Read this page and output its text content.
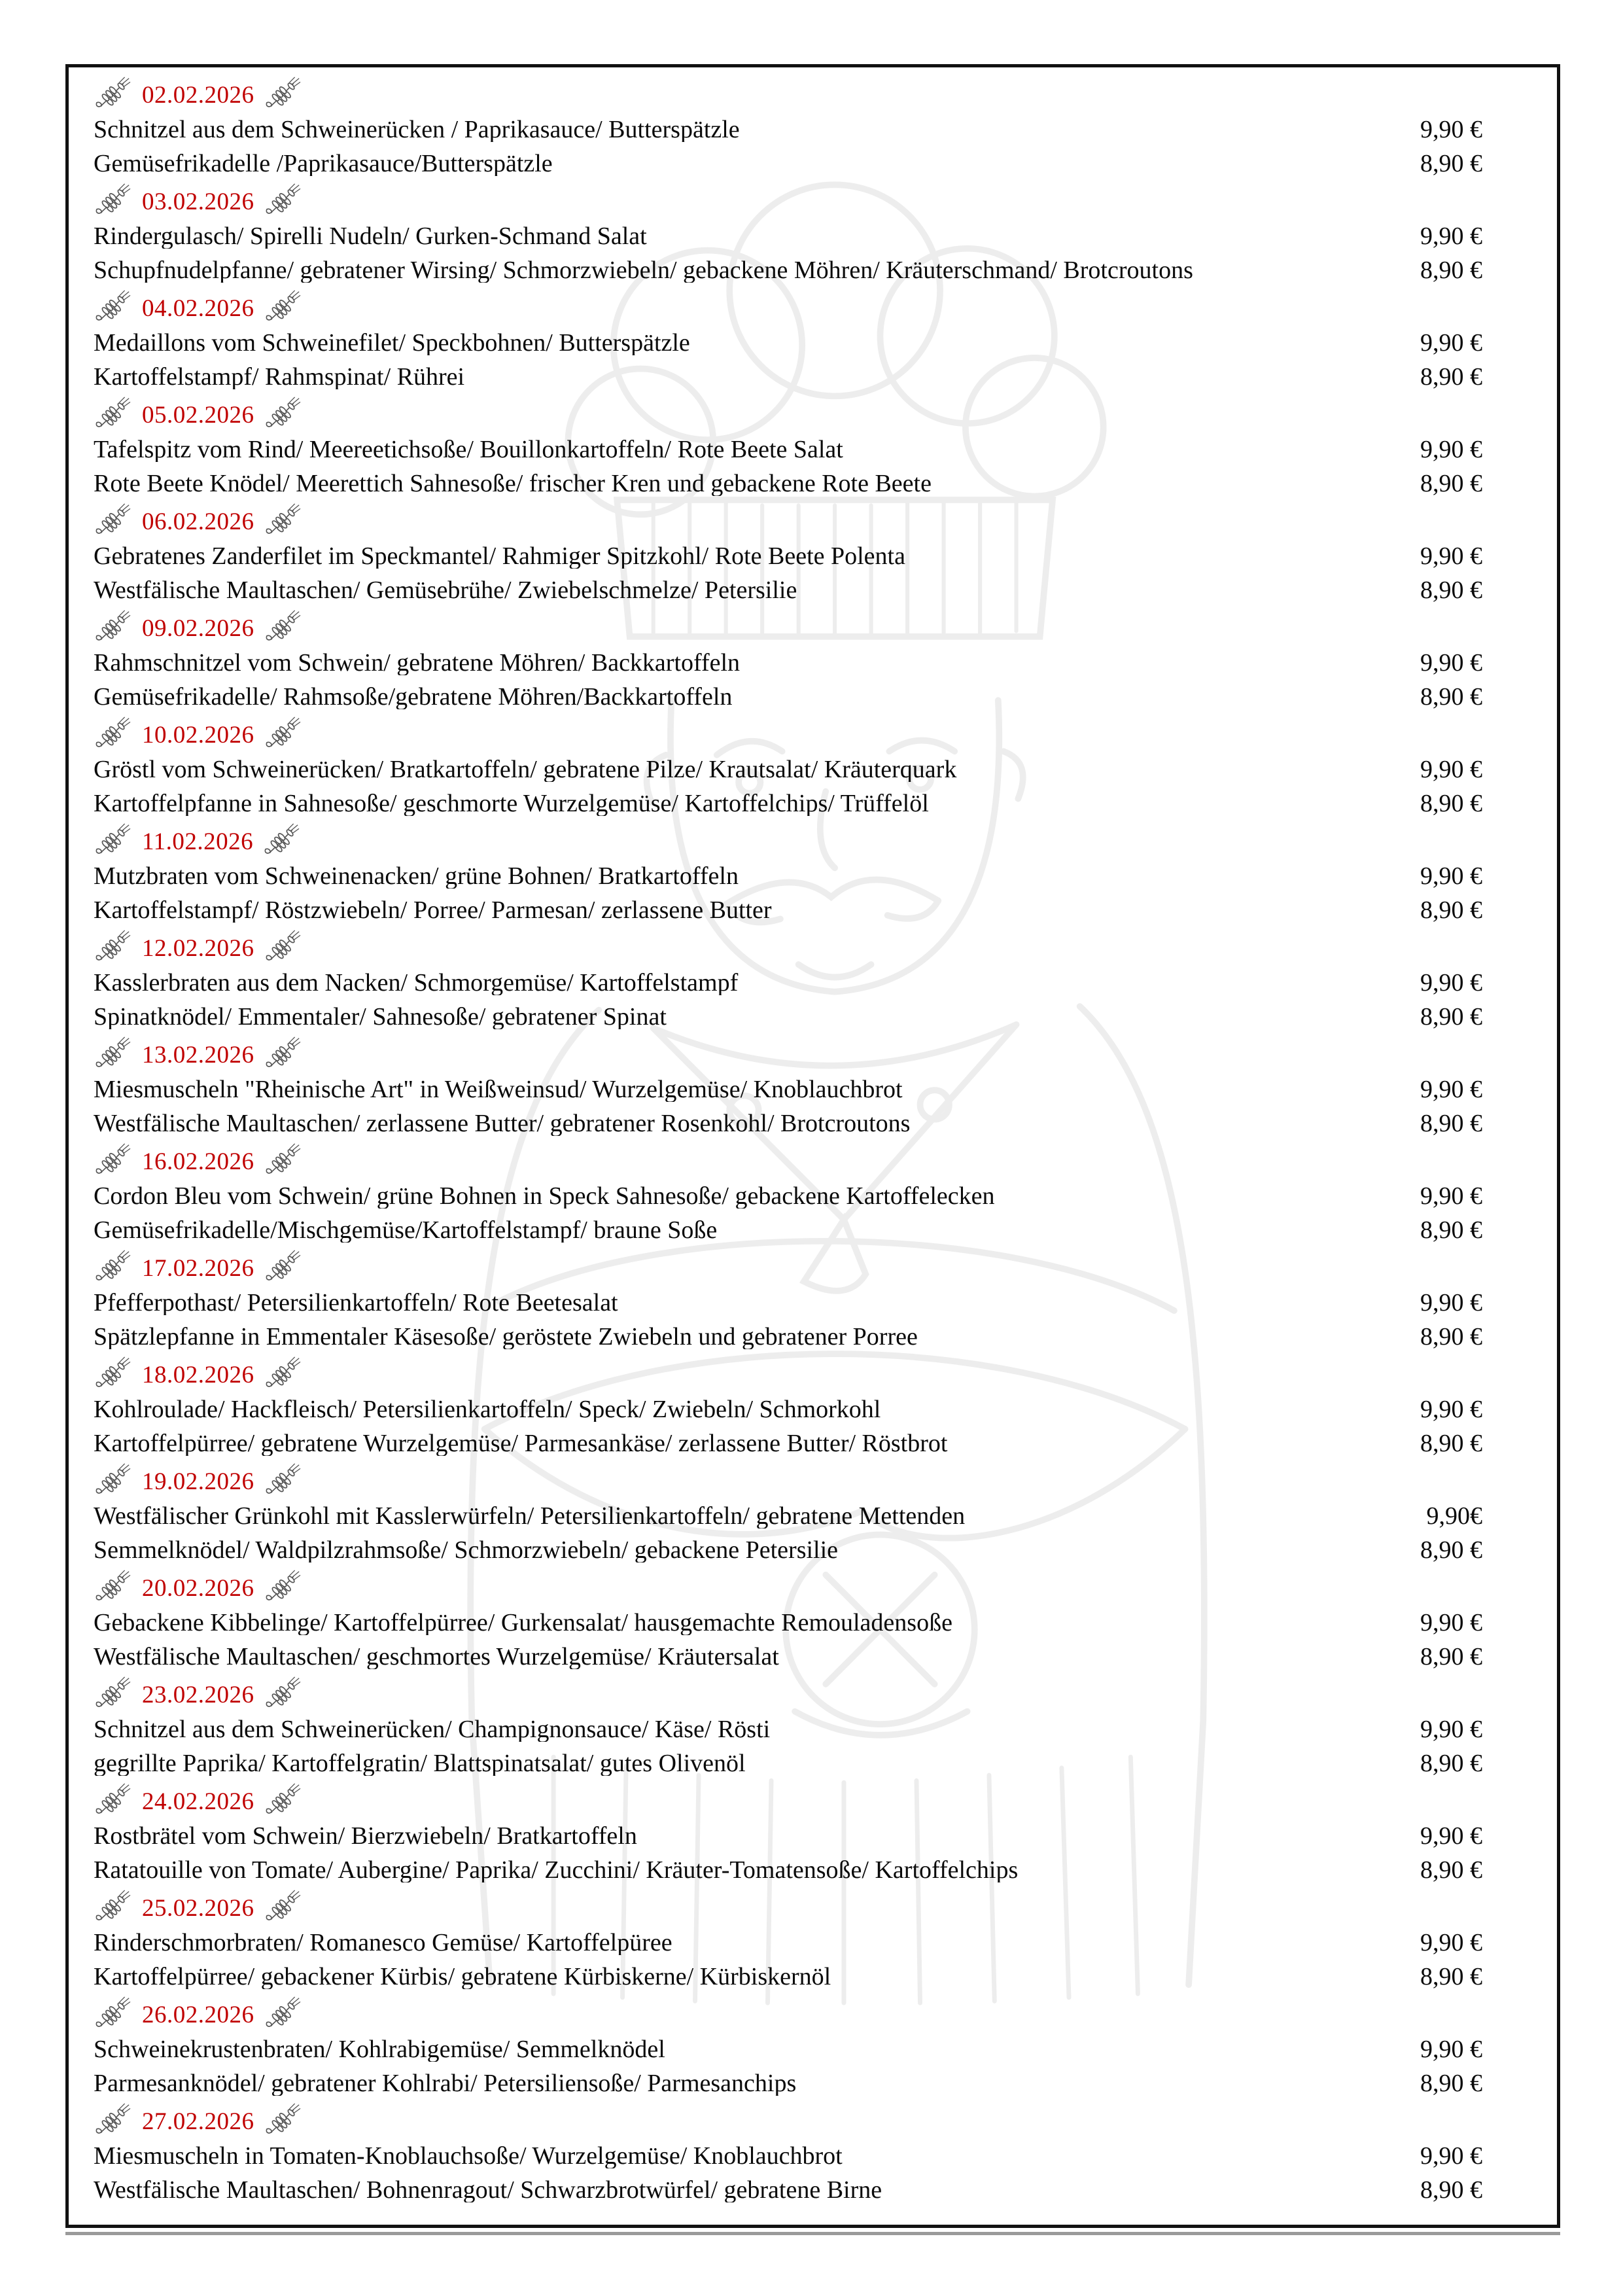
02.02.2026
Schnitzel aus dem Schweinerücken / Paprikasauce/ Butterspätzle	9,90 €
Gemüsefrikadelle /Paprikasauce/Butterspätzle	8,90 €
03.02.2026
Rindergulasch/ Spirelli Nudeln/ Gurken-Schmand Salat	9,90 €
Schupfnudelpfanne/ gebratener Wirsing/ Schmorzwiebeln/ gebackene Möhren/ Kräuterschmand/ Brotcroutons	8,90 €
04.02.2026
Medaillons vom Schweinefilet/ Speckbohnen/ Butterspätzle	9,90 €
Kartoffelstampf/ Rahmspinat/ Rührei	8,90 €
05.02.2026
Tafelspitz vom Rind/ Meereetichsoße/ Bouillonkartoffeln/ Rote Beete Salat	9,90 €
Rote Beete Knödel/ Meerettich Sahnesoße/ frischer Kren und gebackene Rote Beete	8,90 €
06.02.2026
Gebratenes Zanderfilet im Speckmantel/ Rahmiger Spitzkohl/ Rote Beete Polenta	9,90 €
Westfälische Maultaschen/ Gemüsebrühe/ Zwiebelschmelze/ Petersilie	8,90 €
09.02.2026
Rahmschnitzel vom Schwein/ gebratene Möhren/ Backkartoffeln	9,90 €
Gemüsefrikadelle/ Rahmsoße/gebratene Möhren/Backkartoffeln	8,90 €
10.02.2026
Gröstl vom Schweinerücken/ Bratkartoffeln/ gebratene Pilze/ Krautsalat/ Kräuterquark	9,90 €
Kartoffelpfanne in Sahnesoße/ geschmorte Wurzelgemüse/ Kartoffelchips/ Trüffelöl	8,90 €
11.02.2026
Mutzbraten vom Schweinenacken/ grüne Bohnen/ Bratkartoffeln	9,90 €
Kartoffelstampf/ Röstzwiebeln/ Porree/ Parmesan/ zerlassene Butter	8,90 €
12.02.2026
Kasslerbraten aus dem Nacken/ Schmorgemüse/ Kartoffelstampf	9,90 €
Spinatknödel/ Emmentaler/ Sahnesoße/ gebratener Spinat	8,90 €
13.02.2026
Miesmuscheln "Rheinische Art" in Weißweinsud/ Wurzelgemüse/ Knoblauchbrot	9,90 €
Westfälische Maultaschen/ zerlassene Butter/ gebratener Rosenkohl/ Brotcroutons	8,90 €
16.02.2026
Cordon Bleu vom Schwein/ grüne Bohnen in Speck Sahnesoße/ gebackene Kartoffelecken	9,90 €
Gemüsefrikadelle/Mischgemüse/Kartoffelstampf/ braune Soße	8,90 €
17.02.2026
Pfefferpothast/ Petersilienkartoffeln/ Rote Beetesalat	9,90 €
Spätzlepfanne in Emmentaler Käsesoße/ geröstete Zwiebeln und gebratener Porree	8,90 €
18.02.2026
Kohlroulade/ Hackfleisch/ Petersilienkartoffeln/ Speck/ Zwiebeln/ Schmorkohl	9,90 €
Kartoffelpürree/ gebratene Wurzelgemüse/ Parmesankäse/ zerlassene Butter/ Röstbrot	8,90 €
19.02.2026
Westfälischer Grünkohl mit Kasslerwürfeln/ Petersilienkartoffeln/ gebratene Mettenden	9,90€
Semmelknödel/ Waldpilzrahmsoße/ Schmorzwiebeln/ gebackene Petersilie	8,90 €
20.02.2026
Gebackene Kibbelinge/ Kartoffelpürree/ Gurkensalat/ hausgemachte Remouladensoße	9,90 €
Westfälische Maultaschen/ geschmortes Wurzelgemüse/ Kräutersalat	8,90 €
23.02.2026
Schnitzel aus dem Schweinerücken/ Champignonsauce/ Käse/ Rösti	9,90 €
gegrillte Paprika/ Kartoffelgratin/ Blattspinatsalat/ gutes Olivenöl	8,90 €
24.02.2026
Rostbrätel vom Schwein/ Bierzwiebeln/ Bratkartoffeln	9,90 €
Ratatouille von Tomate/ Aubergine/ Paprika/ Zucchini/ Kräuter-Tomatensoße/ Kartoffelchips	8,90 €
25.02.2026
Rinderschmorbraten/ Romanesco Gemüse/ Kartoffelpüree	9,90 €
Kartoffelpürree/ gebackener Kürbis/ gebratene Kürbiskerne/ Kürbiskernöl	8,90 €
26.02.2026
Schweinekrustenbraten/ Kohlrabigemüse/ Semmelknödel	9,90 €
Parmesanknödel/ gebratener Kohlrabi/ Petersiliensoße/ Parmesanchips	8,90 €
27.02.2026
Miesmuscheln in Tomaten-Knoblauchsoße/ Wurzelgemüse/ Knoblauchbrot	9,90 €
Westfälische Maultaschen/ Bohnenragout/ Schwarzbrotwürfel/ gebratene Birne	8,90 €
